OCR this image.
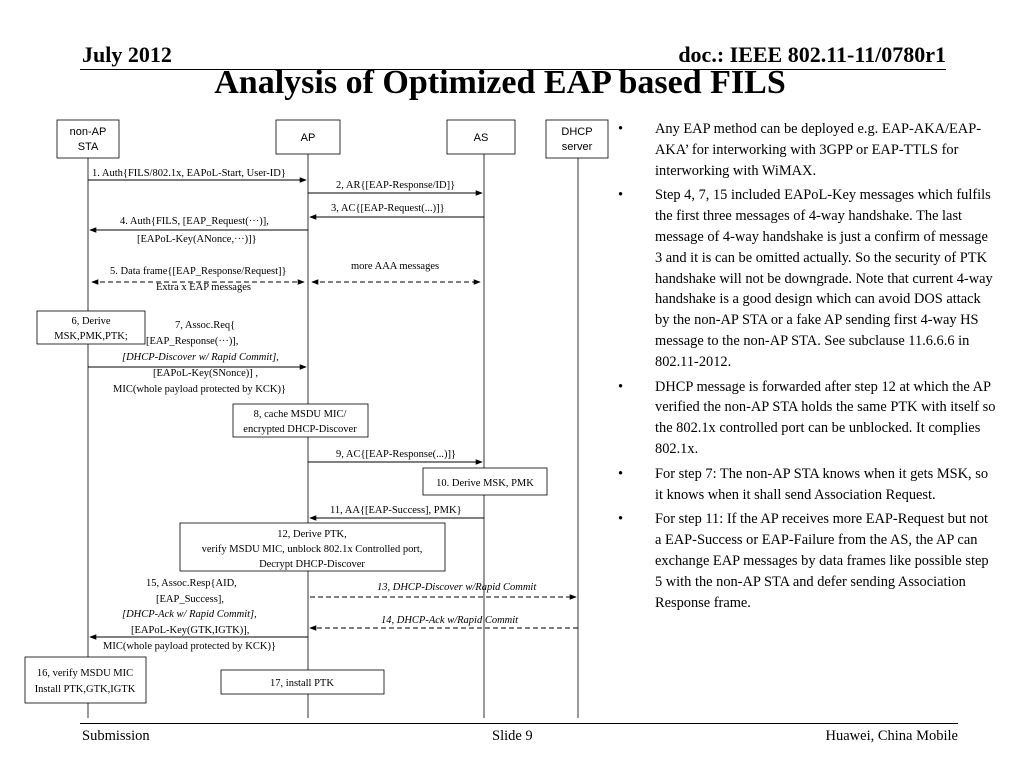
July 2012	doc.: IEEE 802.11-11/0780r1
Analysis of Optimized EAP based FILS
non-AP
STA
AP	AS	DHCP
server
1. Auth{FILS/802.1x, EAPoL-Start, User-ID}
2, AR{[EAP-Response/ID]}
3, AC{[EAP-Request(...)]}
4. Auth{FILS, [EAP_Request(···)],
[EAPoL-Key(ANonce,···)]}
5. Data frame{[EAP_Response/Request]}
Extra x EAP messages
more AAA messages
6, Derive
MSK,PMK,PTK;
7, Assoc.Req{
[EAP_Response(···)],
[DHCP-Discover w/ Rapid Commit],
[EAPoL-Key(SNonce)] ,
MIC(whole payload protected by KCK)}
8, cache MSDU MIC/
encrypted DHCP-Discover
9, AC{[EAP-Response(...)]}
10. Derive MSK, PMK
11, AA{[EAP-Success], PMK}
12, Derive PTK,
verify MSDU MIC, unblock 802.1x Controlled port,
Decrypt DHCP-Discover
13, DHCP-Discover w/Rapid Commit
14, DHCP-Ack w/Rapid Commit
15, Assoc.Resp{AID,
[EAP_Success],
[DHCP-Ack w/ Rapid Commit],
[EAPoL-Key(GTK,IGTK)],
MIC(whole payload protected by KCK)}
16, verify MSDU MIC
Install PTK,GTK,IGTK
17, install PTK
• Any EAP method can be deployed e.g. EAP-AKA/EAP-AKA’ for interworking with 3GPP or EAP-TTLS for interworking with WiMAX.
• Step 4, 7, 15 included EAPoL-Key messages which fulfils the first three messages of 4-way handshake. The last message of 4-way handshake is just a confirm of message 3 and it is can be omitted actually. So the security of PTK handshake will not be downgrade. Note that current 4-way handshake is a good design which can avoid DOS attack by the non-AP STA or a fake AP sending first 4-way HS message to the non-AP STA. See subclause 11.6.6.6 in 802.11-2012.
• DHCP message is forwarded after step 12 at which the AP verified the non-AP STA holds the same PTK with itself so the 802.1x controlled port can be unblocked. It complies 802.1x.
• For step 7: The non-AP STA knows when it gets MSK, so it knows when it shall send Association Request.
• For step 11: If the AP receives more EAP-Request but not a EAP-Success or EAP-Failure from the AS, the AP can exchange EAP messages by data frames like possible step 5 with the non-AP STA and defer sending Association Response frame.
Submission	Slide 9	Huawei, China Mobile
